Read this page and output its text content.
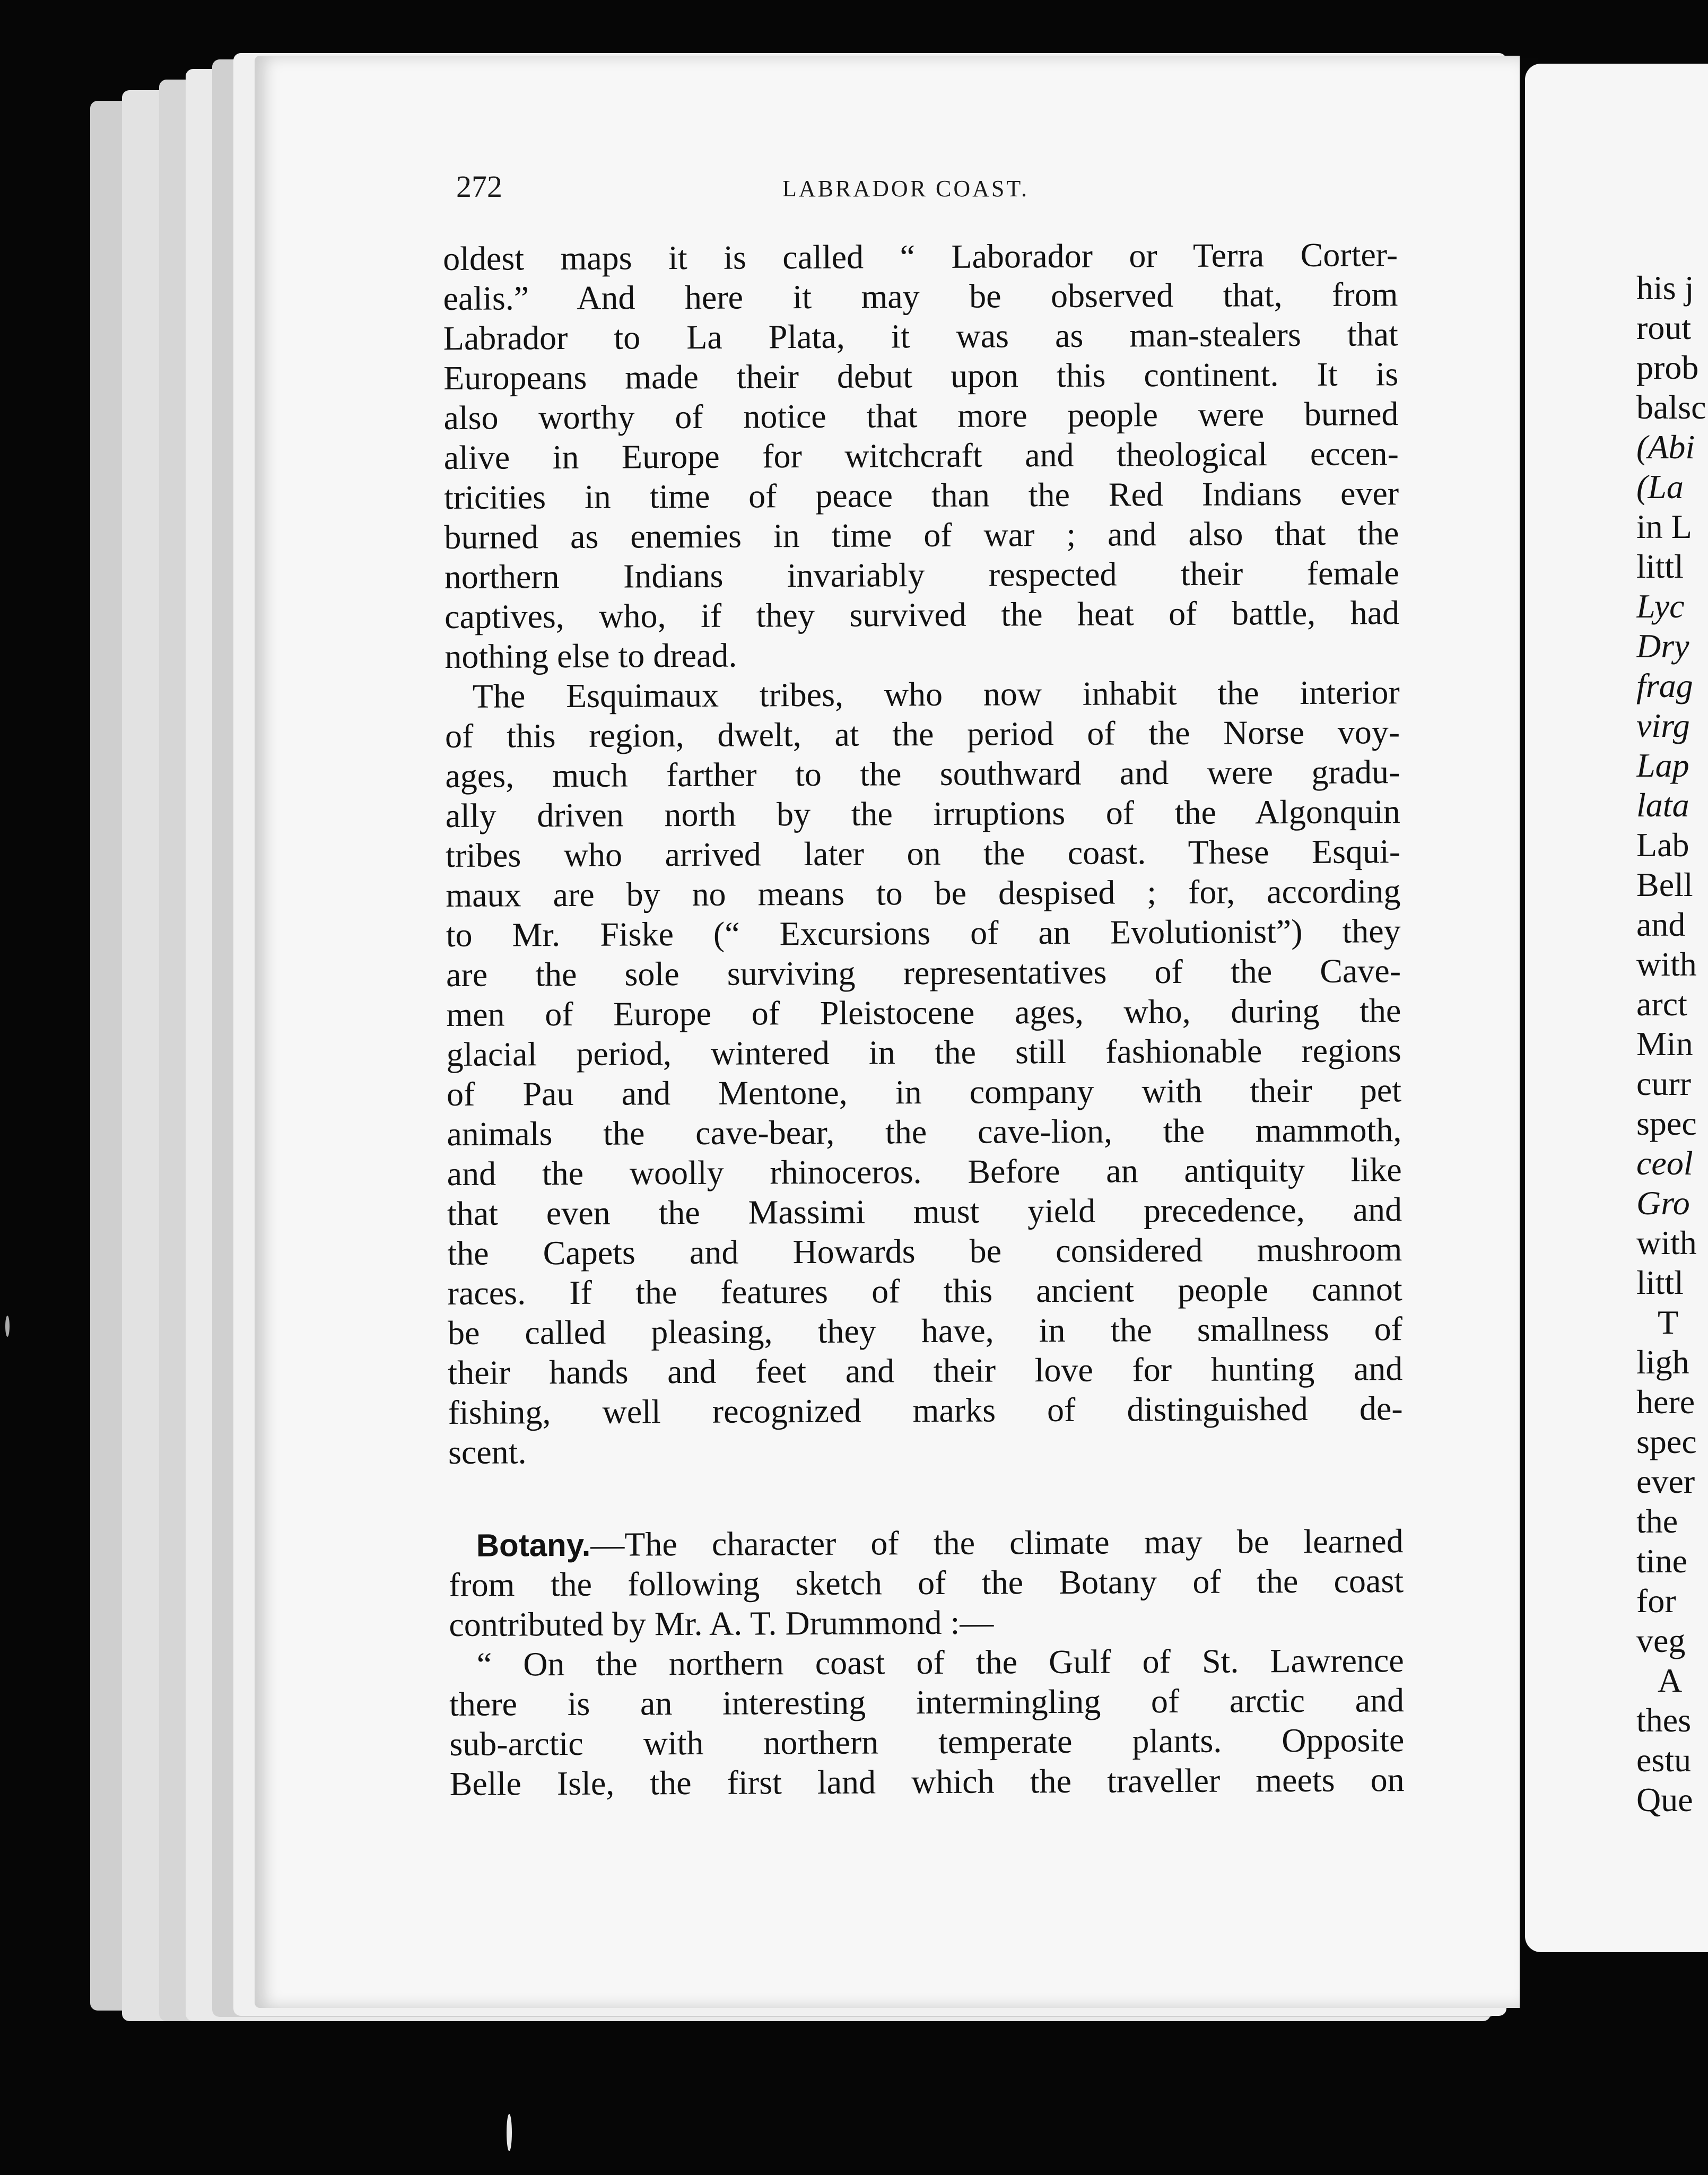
272	LABRADOR COAST.
oldest maps it is called “ Laborador or Terra Corter-
ealis.” And here it may be observed that, from
Labrador to La Plata, it was as man-stealers that
Europeans made their debut upon this continent. It is
also worthy of notice that more people were burned
alive in Europe for witchcraft and theological eccen-
tricities in time of peace than the Red Indians ever
burned as enemies in time of war ; and also that the
northern Indians invariably respected their female
captives, who, if they survived the heat of battle, had
nothing else to dread.
The Esquimaux tribes, who now inhabit the interior
of this region, dwelt, at the period of the Norse voy-
ages, much farther to the southward and were gradu-
ally driven north by the irruptions of the Algonquin
tribes who arrived later on the coast. These Esqui-
maux are by no means to be despised ; for, according
to Mr. Fiske (“ Excursions of an Evolutionist”) they
are the sole surviving representatives of the Cave-
men of Europe of Pleistocene ages, who, during the
glacial period, wintered in the still fashionable regions
of Pau and Mentone, in company with their pet
animals the cave-bear, the cave-lion, the mammoth,
and the woolly rhinoceros. Before an antiquity like
that even the Massimi must yield precedence, and
the Capets and Howards be considered mushroom
races. If the features of this ancient people cannot
be called pleasing, they have, in the smallness of
their hands and feet and their love for hunting and
fishing, well recognized marks of distinguished de-
scent.
Botany.—The character of the climate may be learned
from the following sketch of the Botany of the coast
contributed by Mr. A. T. Drummond :—
“ On the northern coast of the Gulf of St. Lawrence
there is an interesting intermingling of arctic and
sub-arctic with northern temperate plants. Opposite
Belle Isle, the first land which the traveller meets on
his j
rout
prob
balsc
(Abi
(La
in L
littl
Lyc
Dry
frag
virg
Lap
lata
Lab
Bell
and
with
arct
Min
curr
spec
ceol
Gro
with
littl
T
ligh
here
spec
ever
the
tine
for
veg
A
thes
estu
Que
